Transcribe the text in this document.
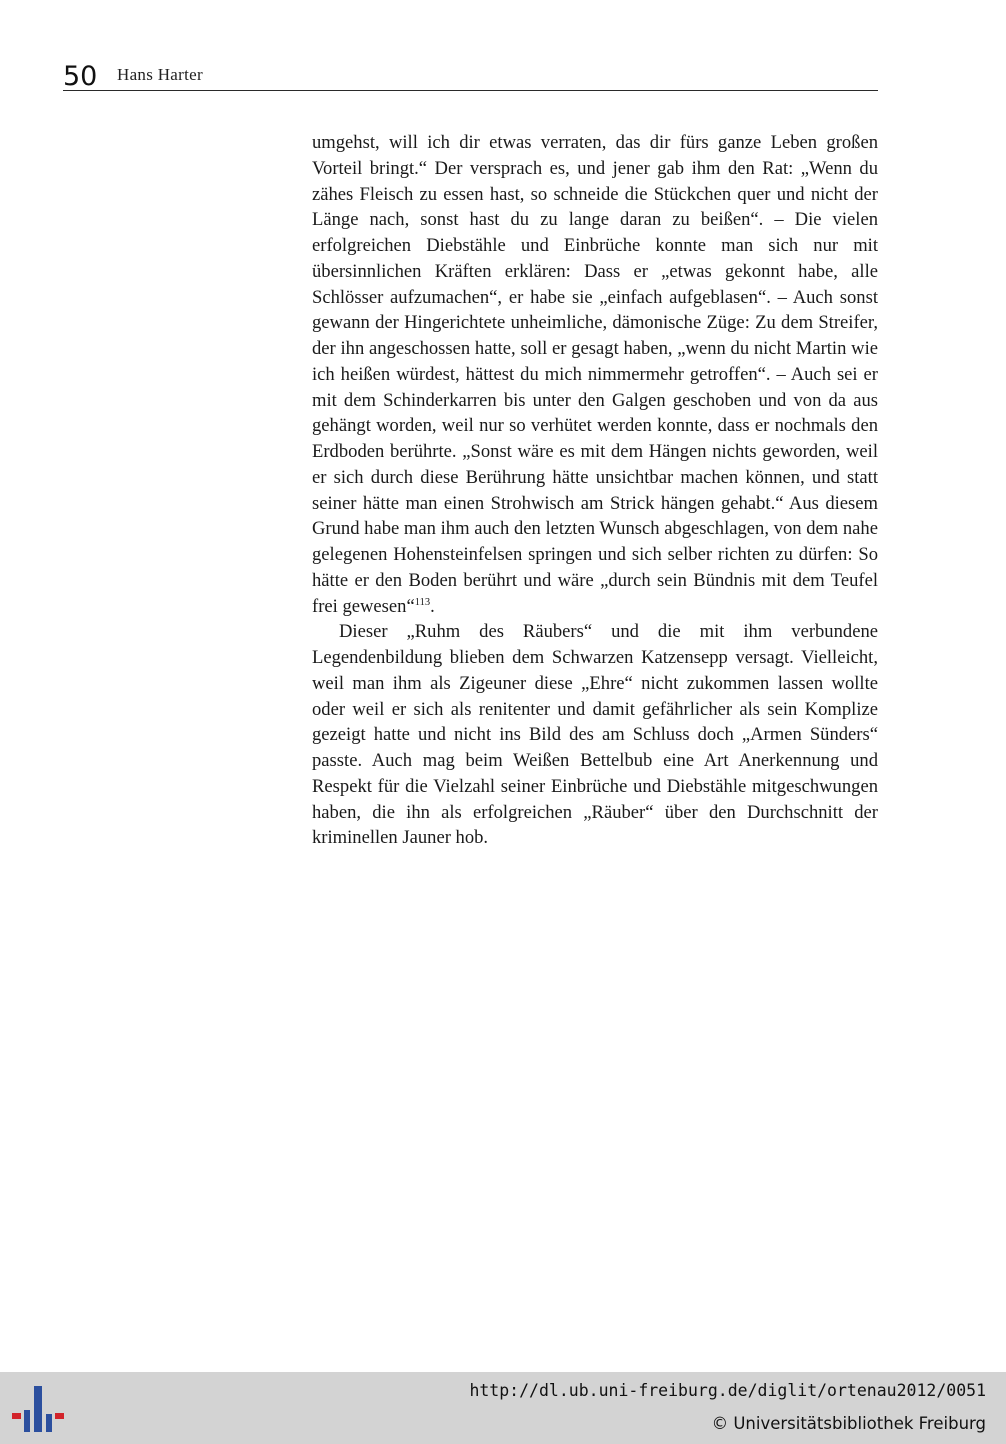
50 Hans Harter

umgehst, will ich dir etwas verraten, das dir fürs ganze Leben großen Vorteil bringt.“ Der versprach es, und jener gab ihm den Rat: „Wenn du zähes Fleisch zu essen hast, so schneide die Stückchen quer und nicht der Länge nach, sonst hast du zu lange daran zu beißen“. – Die vielen erfolgreichen Diebstähle und Einbrüche konnte man sich nur mit übersinnlichen Kräften erklären: Dass er „etwas gekonnt habe, alle Schlösser aufzumachen“, er habe sie „einfach aufgeblasen“. – Auch sonst gewann der Hingerichtete unheimliche, dämonische Züge: Zu dem Streifer, der ihn angeschossen hatte, soll er gesagt haben, „wenn du nicht Martin wie ich heißen würdest, hättest du mich nimmermehr getroffen“. – Auch sei er mit dem Schinderkarren bis unter den Galgen geschoben und von da aus gehängt worden, weil nur so verhütet werden konnte, dass er nochmals den Erdboden berührte. „Sonst wäre es mit dem Hängen nichts geworden, weil er sich durch diese Berührung hätte unsichtbar machen können, und statt seiner hätte man einen Strohwisch am Strick hängen gehabt.“ Aus diesem Grund habe man ihm auch den letzten Wunsch abgeschlagen, von dem nahe gelegenen Hohensteinfelsen springen und sich selber richten zu dürfen: So hätte er den Boden berührt und wäre „durch sein Bündnis mit dem Teufel frei gewesen“$^{113}$.

Dieser „Ruhm des Räubers“ und die mit ihm verbundene Legendenbildung blieben dem Schwarzen Katzensepp versagt. Vielleicht, weil man ihm als Zigeuner diese „Ehre“ nicht zukommen lassen wollte oder weil er sich als renitenter und damit gefährlicher als sein Komplize gezeigt hatte und nicht ins Bild des am Schluss doch „Armen Sünders“ passte. Auch mag beim Weißen Bettelbub eine Art Anerkennung und Respekt für die Vielzahl seiner Einbrüche und Diebstähle mitgeschwungen haben, die ihn als erfolgreichen „Räuber“ über den Durchschnitt der kriminellen Jauner hob.

http://dl.ub.uni-freiburg.de/diglit/ortenau2012/0051
© Universitätsbibliothek Freiburg
